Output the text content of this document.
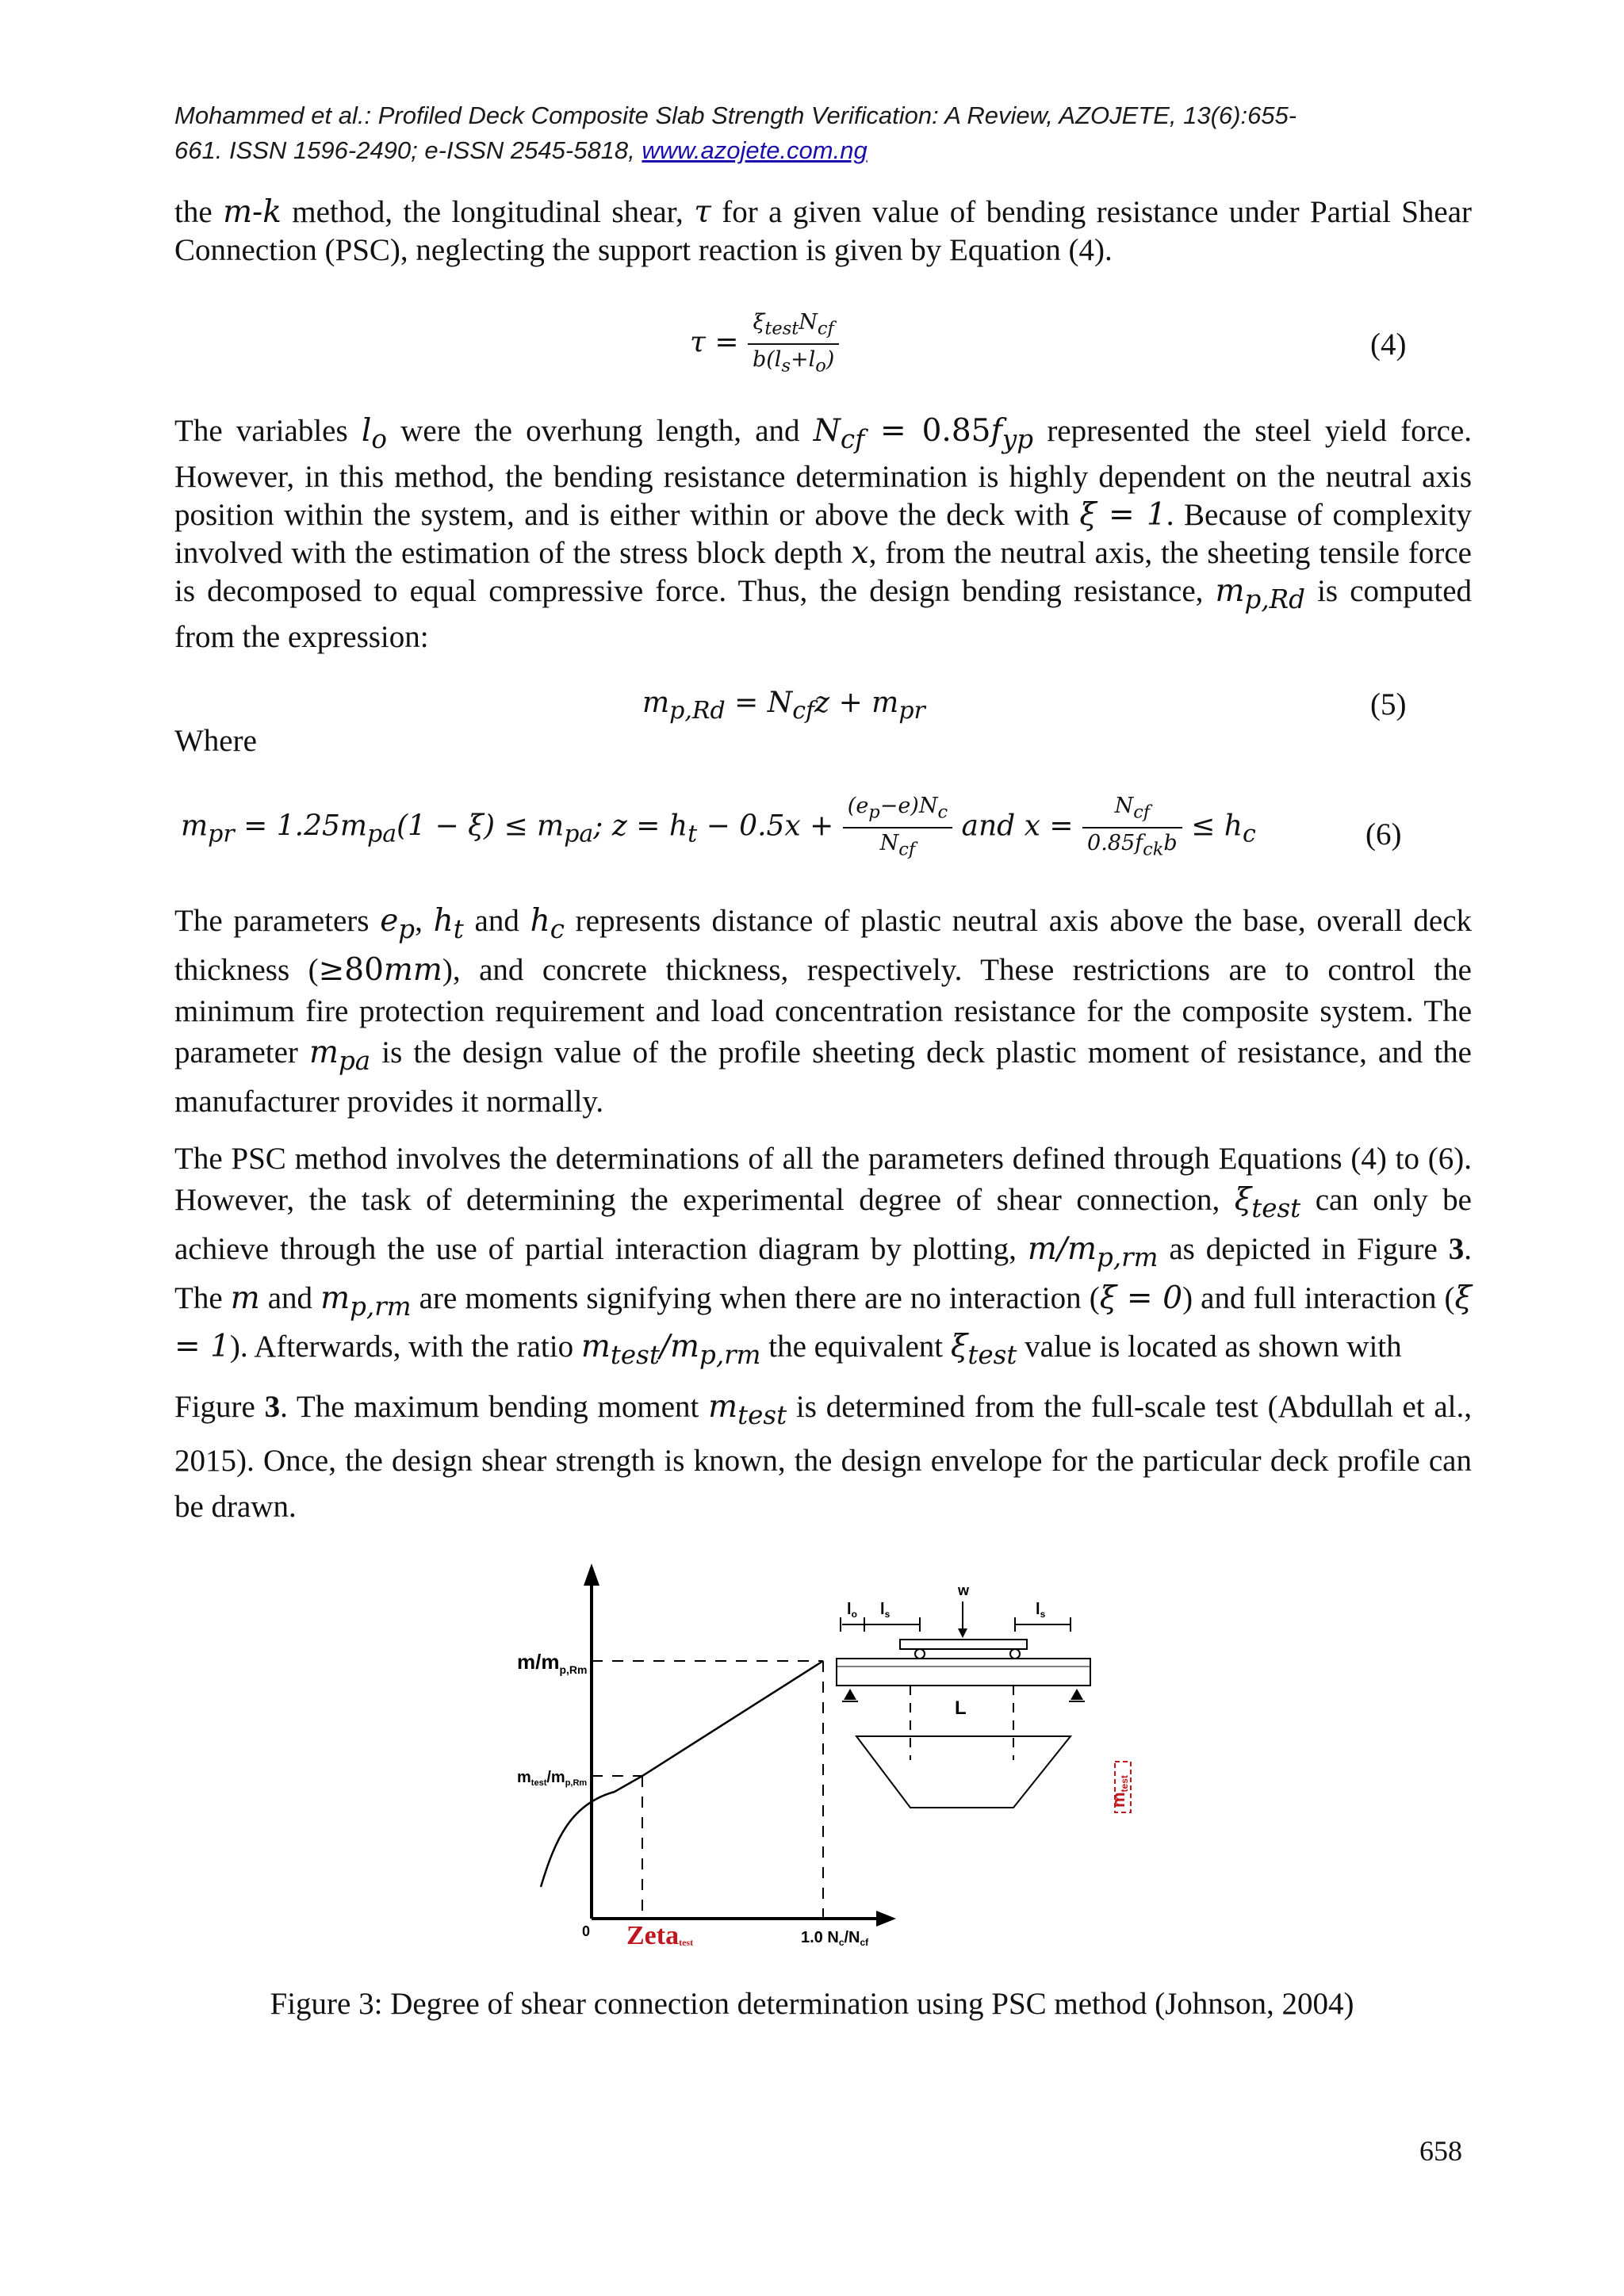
Mohammed et al.: Profiled Deck Composite Slab Strength Verification: A Review, AZOJETE, 13(6):655-
661. ISSN 1596-2490; e-ISSN 2545-5818, www.azojete.com.ng

the m-k method, the longitudinal shear, τ for a given value of bending resistance under Partial Shear Connection (PSC), neglecting the support reaction is given by Equation (4).

$\tau = \frac{\xi_{test}N_{cf}}{b(l_s+l_o)}$	(4)

The variables $l_o$ were the overhung length, and $N_{cf} = 0.85f_{yp}$ represented the steel yield force. However, in this method, the bending resistance determination is highly dependent on the neutral axis position within the system, and is either within or above the deck with ξ = 1. Because of complexity involved with the estimation of the stress block depth x, from the neutral axis, the sheeting tensile force is decomposed to equal compressive force. Thus, the design bending resistance, $m_{p,Rd}$ is computed from the expression:

$m_{p,Rd} = N_{cf}z + m_{pr}$	(5)
Where
$m_{pr} = 1.25m_{pa}(1 - \xi) \le m_{pa}$; $z = h_t - 0.5x + \frac{(e_p-e)N_c}{N_{cf}}$ and $x = \frac{N_{cf}}{0.85f_{ck}b} \le h_c$	(6)

The parameters $e_p$, $h_t$ and $h_c$ represents distance of plastic neutral axis above the base, overall deck thickness (≥80mm), and concrete thickness, respectively. These restrictions are to control the minimum fire protection requirement and load concentration resistance for the composite system. The parameter $m_{pa}$ is the design value of the profile sheeting deck plastic moment of resistance, and the manufacturer provides it normally.

The PSC method involves the determinations of all the parameters defined through Equations (4) to (6). However, the task of determining the experimental degree of shear connection, $\xi_{test}$ can only be achieve through the use of partial interaction diagram by plotting, $m/m_{p,rm}$ as depicted in Figure 3. The m and $m_{p,rm}$ are moments signifying when there are no interaction (ξ = 0) and full interaction (ξ = 1). Afterwards, with the ratio $m_{test}/m_{p,rm}$ the equivalent $\xi_{test}$ value is located as shown with

Figure 3. The maximum bending moment $m_{test}$ is determined from the full-scale test (Abdullah et al., 2015). Once, the design shear strength is known, the design envelope for the particular deck profile can be drawn.

$m/m_{p,Rm}$
$m_{test}/m_{p,Rm}$
0 Zetatest	1.0 $N_c/N_{cf}$
$l_o$ $l_s$	$l_s$
w
L
mtest
Figure 3: Degree of shear connection determination using PSC method (Johnson, 2004)
658
